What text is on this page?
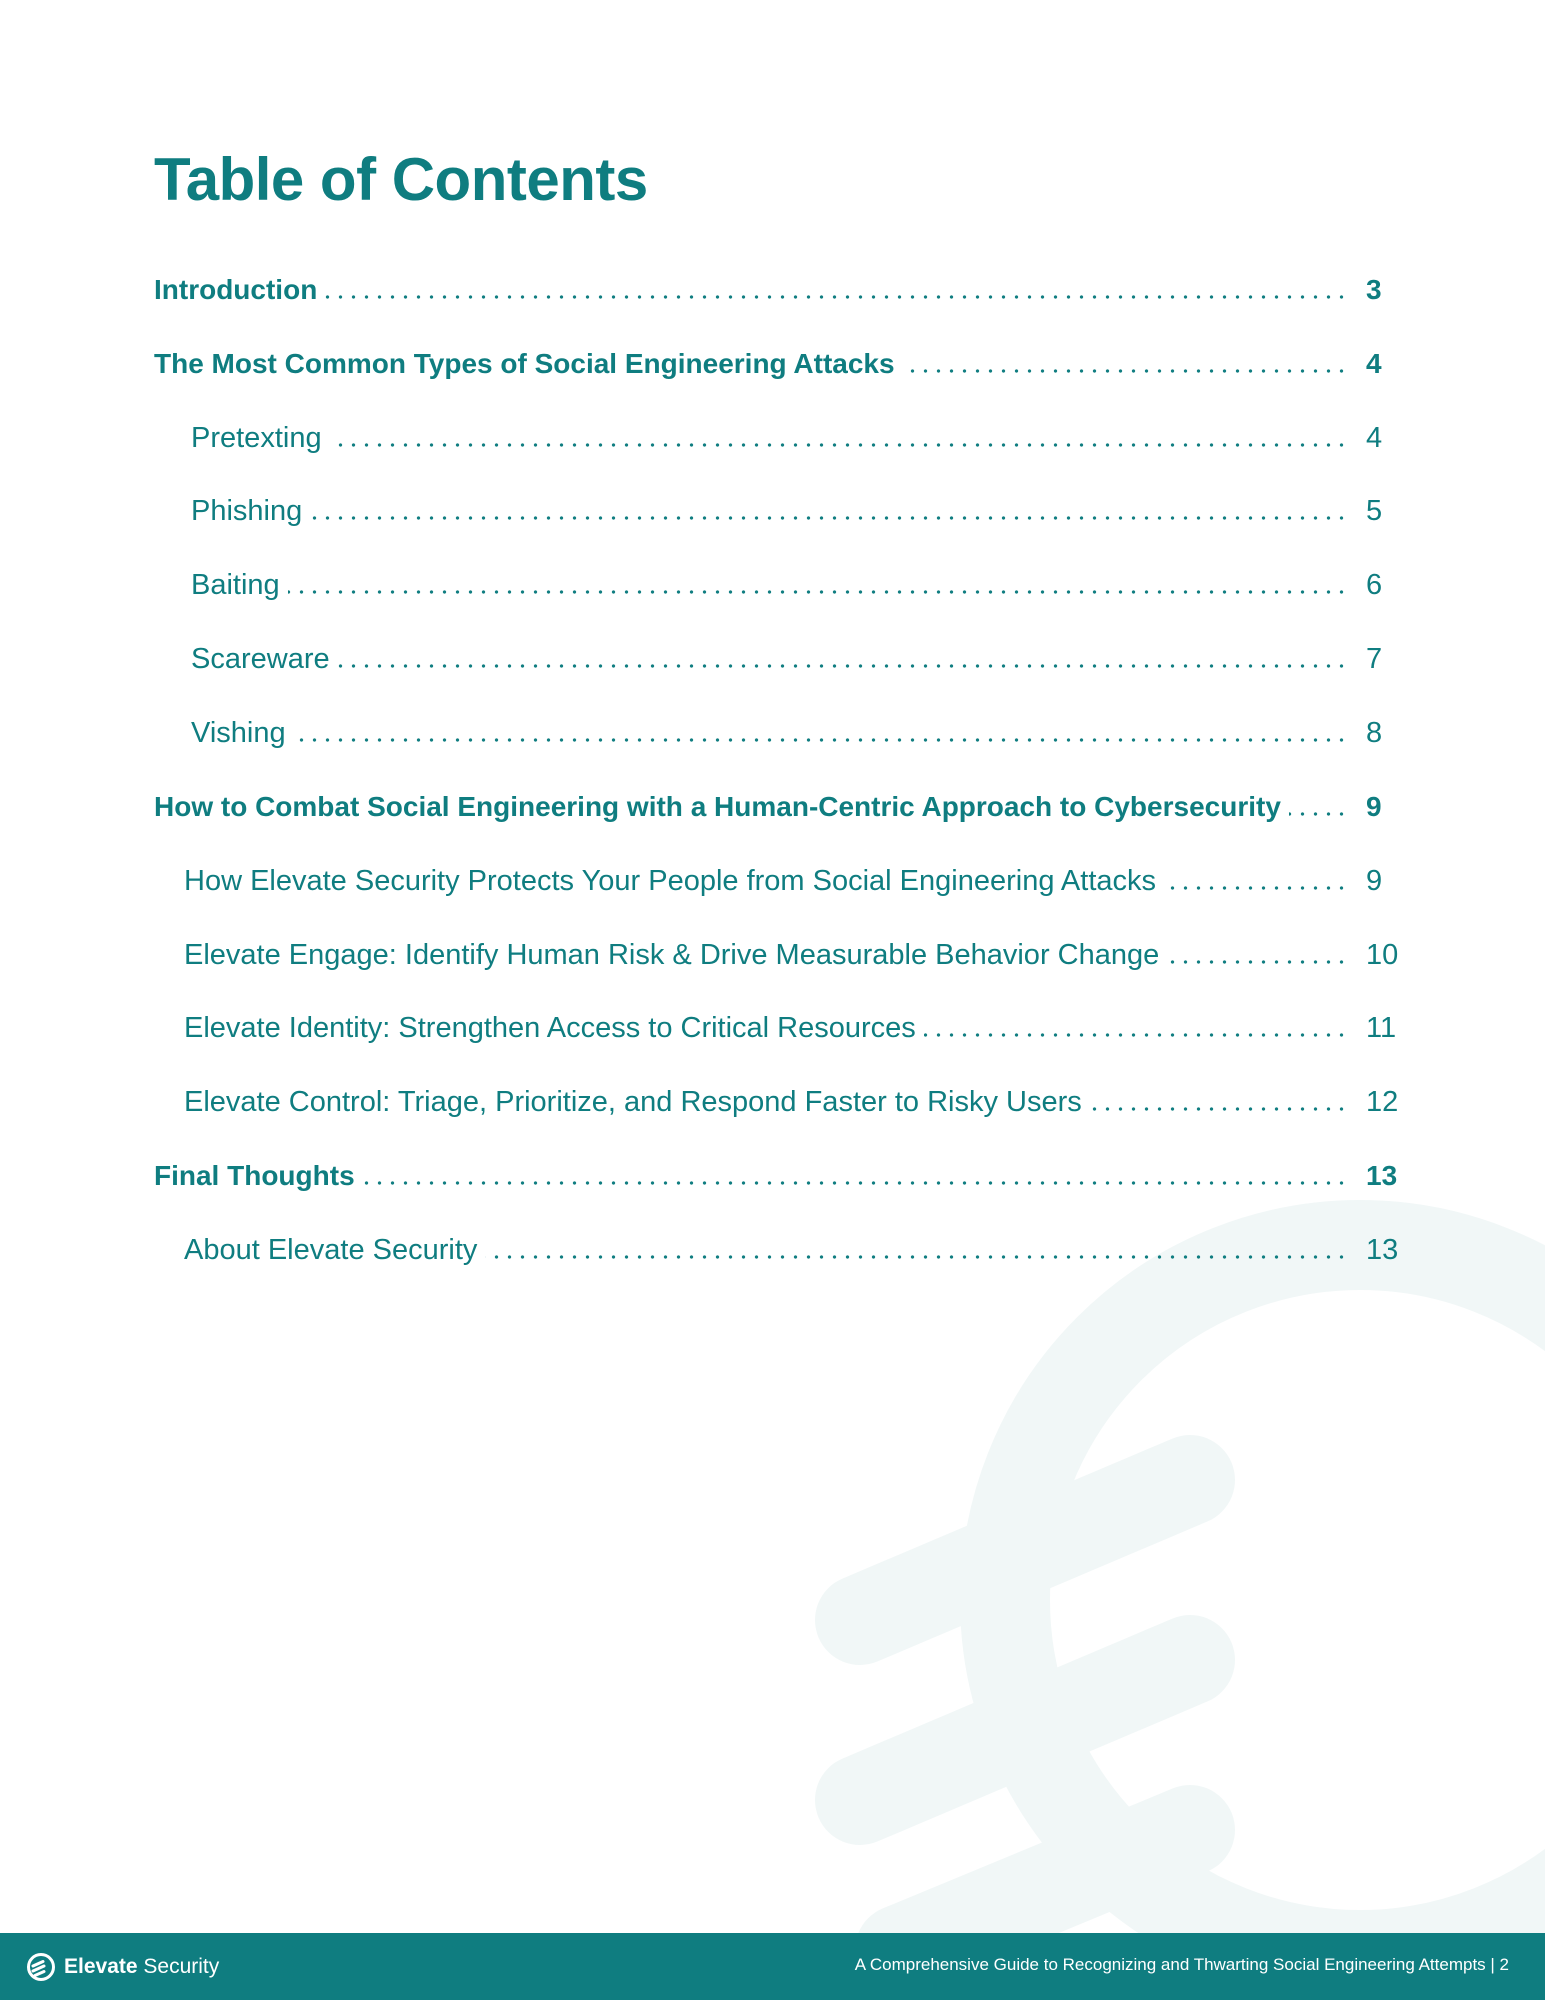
Table of Contents
Introduction	3
The Most Common Types of Social Engineering Attacks	4
Pretexting	4
Phishing	5
Baiting	6
Scareware	7
Vishing	8
How to Combat Social Engineering with a Human-Centric Approach to Cybersecurity	9
How Elevate Security Protects Your People from Social Engineering Attacks	9
Elevate Engage: Identify Human Risk & Drive Measurable Behavior Change	10
Elevate Identity: Strengthen Access to Critical Resources	11
Elevate Control: Triage, Prioritize, and Respond Faster to Risky Users	12
Final Thoughts	13
About Elevate Security	13
Elevate Security	A Comprehensive Guide to Recognizing and Thwarting Social Engineering Attempts | 2
